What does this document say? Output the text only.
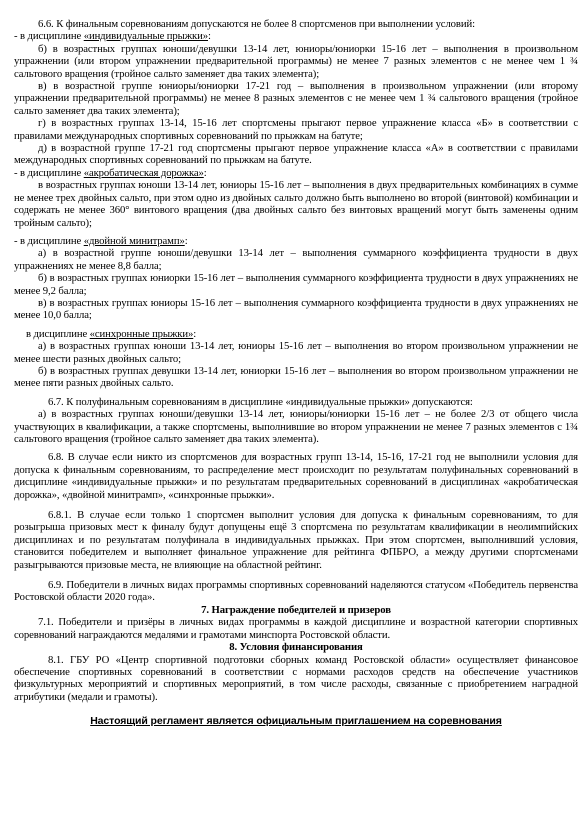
6.6. К финальным соревнованиям допускаются не более 8 спортсменов при выполнении условий:

- в дисциплине «индивидуальные прыжки»:

б) в возрастных группах юноши/девушки 13-14 лет, юниоры/юниорки 15-16 лет – выполнения в произвольном упражнении (или втором упражнении предварительной программы) не менее 7 разных элементов с не менее чем 1 ¾ сальтового вращения (тройное сальто заменяет два таких элемента);

в) в возрастной группе юниоры/юниорки 17-21 год – выполнения в произвольном упражнении (или второму упражнении предварительной программы) не менее 8 разных элементов с не менее чем 1 ¾ сальтового вращения (тройное сальто заменяет два таких элемента);

г) в возрастных группах 13-14, 15-16 лет спортсмены прыгают первое упражнение класса «Б» в соответствии с правилами международных спортивных соревнований по прыжкам на батуте;

д) в возрастной группе 17-21 год спортсмены прыгают первое упражнение класса «А» в соответствии с правилами международных спортивных соревнований по прыжкам на батуте.

- в дисциплине «акробатическая дорожка»:

в возрастных группах юноши 13-14 лет, юниоры 15-16 лет – выполнения в двух предварительных комбинациях в сумме не менее трех двойных сальто, при этом одно из двойных сальто должно быть выполнено во второй (винтовой) комбинации и содержать не менее 360° винтового вращения (два двойных сальто без винтовых вращений могут быть заменены одним тройным сальто);

- в дисциплине «двойной минитрамп»:

а) в возрастной группе юноши/девушки 13-14 лет – выполнения суммарного коэффициента трудности в двух упражнениях не менее 8,8 балла;

б) в возрастных группах юниорки 15-16 лет – выполнения суммарного коэффициента трудности в двух упражнениях не менее 9,2 балла;

в) в возрастных группах юниоры 15-16 лет – выполнения суммарного коэффициента трудности в двух упражнениях не менее 10,0 балла;

в дисциплине «синхронные прыжки»:

а) в возрастных группах юноши 13-14 лет, юниоры 15-16 лет – выполнения во втором произвольном упражнении не менее шести разных двойных сальто;

б) в возрастных группах девушки 13-14 лет, юниорки 15-16 лет – выполнения во втором произвольном упражнении не менее пяти разных двойных сальто.

6.7. К полуфинальным соревнованиям в дисциплине «индивидуальные прыжки» допускаются:

а) в возрастных группах юноши/девушки 13-14 лет, юниоры/юниорки 15-16 лет – не более 2/3 от общего числа участвующих в квалификации, а также спортсмены, выполнившие во втором упражнении не менее 7 разных элементов с 1¾ сальтового вращения (тройное сальто заменяет два таких элемента).

6.8. В случае если никто из спортсменов для возрастных групп 13-14, 15-16, 17-21 год не выполнили условия для допуска к финальным соревнованиям, то распределение мест происходит по результатам полуфинальных соревнований в дисциплине «индивидуальные прыжки» и по результатам предварительных соревнований в дисциплинах «акробатическая дорожка», «двойной минитрамп», «синхронные прыжки».

6.8.1. В случае если только 1 спортсмен выполнит условия для допуска к финальным соревнованиям, то для розыгрыша призовых мест к финалу будут допущены ещё 3 спортсмена по результатам квалификации в неолимпийских дисциплинах и по результатам полуфинала в индивидуальных прыжках. При этом спортсмен, выполнивший условия, становится победителем и выполняет финальное упражнение для рейтинга ФПБРО, а между другими спортсменами разыгрываются призовые места, не влияющие на областной рейтинг.

6.9. Победители в личных видах программы спортивных соревнований наделяются статусом «Победитель первенства Ростовской области 2020 года».

7. Награждение победителей и призеров

7.1. Победители и призёры в личных видах программы в каждой дисциплине и возрастной категории спортивных соревнований награждаются медалями и грамотами минспорта Ростовской области.

8. Условия финансирования

8.1. ГБУ РО «Центр спортивной подготовки сборных команд Ростовской области» осуществляет финансовое обеспечение спортивных соревнований в соответствии с нормами расходов средств на обеспечение участников физкультурных мероприятий и спортивных мероприятий, в том числе расходы, связанные с приобретением наградной атрибутики (медали и грамоты).

Настоящий регламент является официальным приглашением на соревнования
